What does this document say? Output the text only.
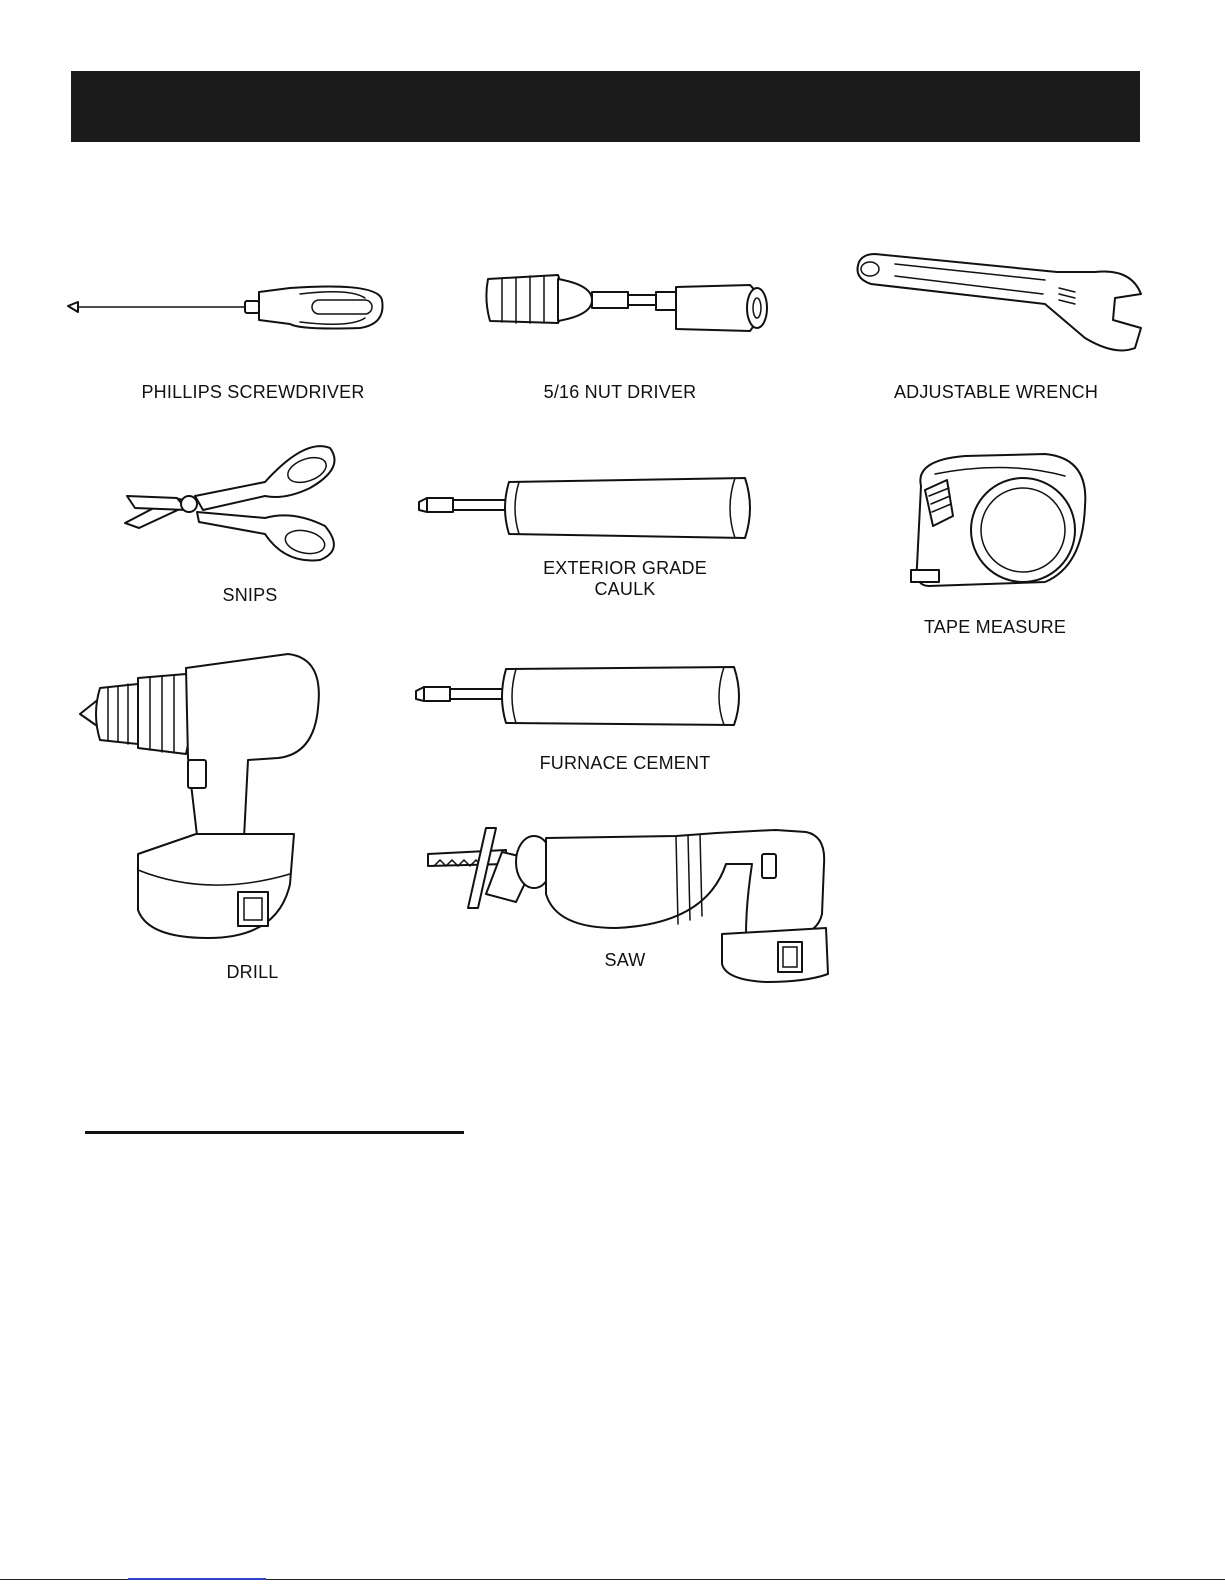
PHILLIPS SCREWDRIVER	5/16 NUT DRIVER	ADJUSTABLE WRENCH
SNIPS
EXTERIOR GRADE
CAULK
TAPE MEASURE
FURNACE CEMENT
DRILL
SAW
